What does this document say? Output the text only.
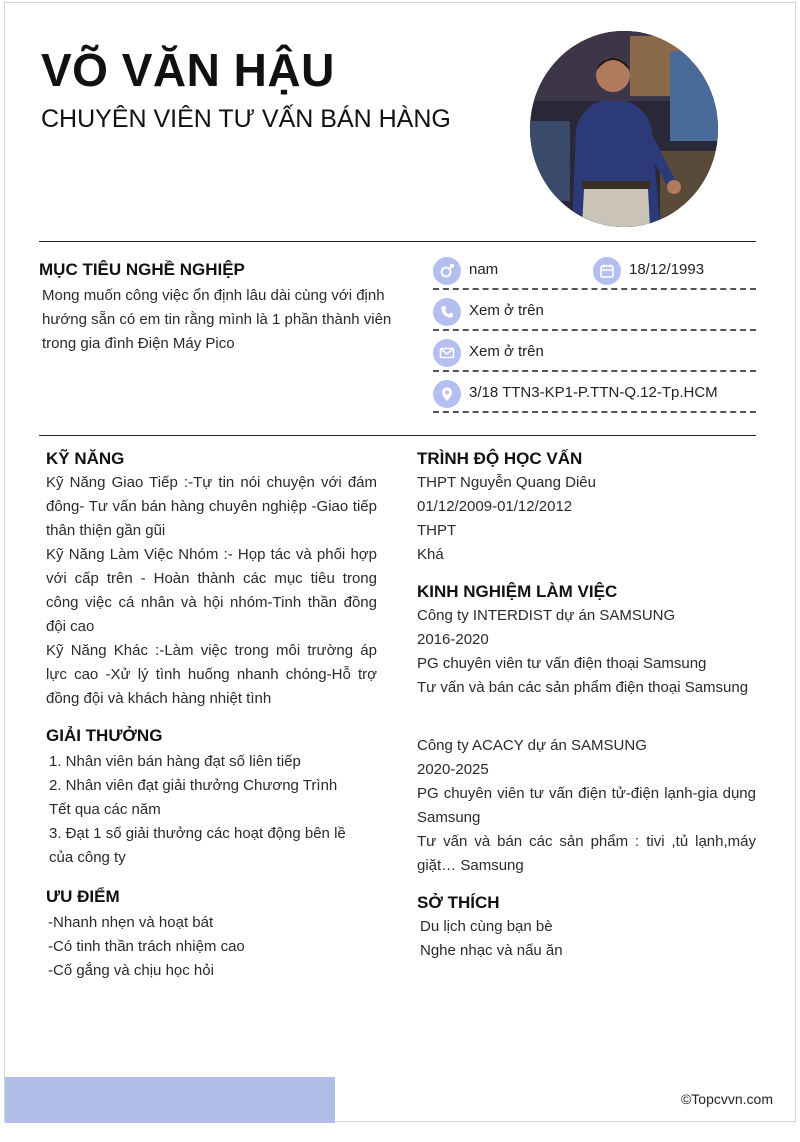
VÕ VĂN HẬU
CHUYÊN VIÊN TƯ VẤN BÁN HÀNG
MỤC TIÊU NGHỀ NGHIỆP
Mong muốn công việc ổn định lâu dài cùng với định hướng sẵn có em tin rằng mình là 1 phần thành viên trong gia đình Điện Máy Pico
nam	18/12/1993
Xem ở trên
Xem ở trên
3/18 TTN3-KP1-P.TTN-Q.12-Tp.HCM
KỸ NĂNG
Kỹ Năng Giao Tiếp :-Tự tin nói chuyện với đám đông- Tư vấn bán hàng chuyên nghiệp -Giao tiếp thân thiện gần gũi
Kỹ Năng Làm Việc Nhóm :- Họp tác và phối hợp với cấp trên - Hoàn thành các mục tiêu trong công việc cá nhân và hội nhóm-Tinh thần đồng đội cao
Kỹ Năng Khác :-Làm việc trong môi trường áp lực cao -Xử lý tình huống nhanh chóng-Hỗ trợ đồng đội và khách hàng nhiệt tình
GIẢI THƯỞNG
1. Nhân viên bán hàng đạt số liên tiếp
2. Nhân viên đạt giải thưởng Chương Trình
Tết qua các năm
3. Đạt 1 số giải thưởng các hoạt động bên lề
của công ty
ƯU ĐIỂM
-Nhanh nhẹn và hoạt bát
-Có tinh thần trách nhiệm cao
-Cố gắng và chịu học hỏi
TRÌNH ĐỘ HỌC VẤN
THPT Nguyễn Quang Diêu
01/12/2009-01/12/2012
THPT
Khá
KINH NGHIỆM LÀM VIỆC
Công ty INTERDIST dự án SAMSUNG
2016-2020
PG chuyên viên tư vấn điện thoại Samsung
Tư vấn và bán các sản phẩm điện thoại Samsung
Công ty ACACY dự án SAMSUNG
2020-2025
PG chuyên viên tư vấn điện tử-điện lạnh-gia dụng Samsung
Tư vấn và bán các sản phẩm : tivi ,tủ lạnh,máy giặt… Samsung
SỞ THÍCH
Du lịch cùng bạn bè
Nghe nhạc và nấu ăn
©Topcvvn.com
